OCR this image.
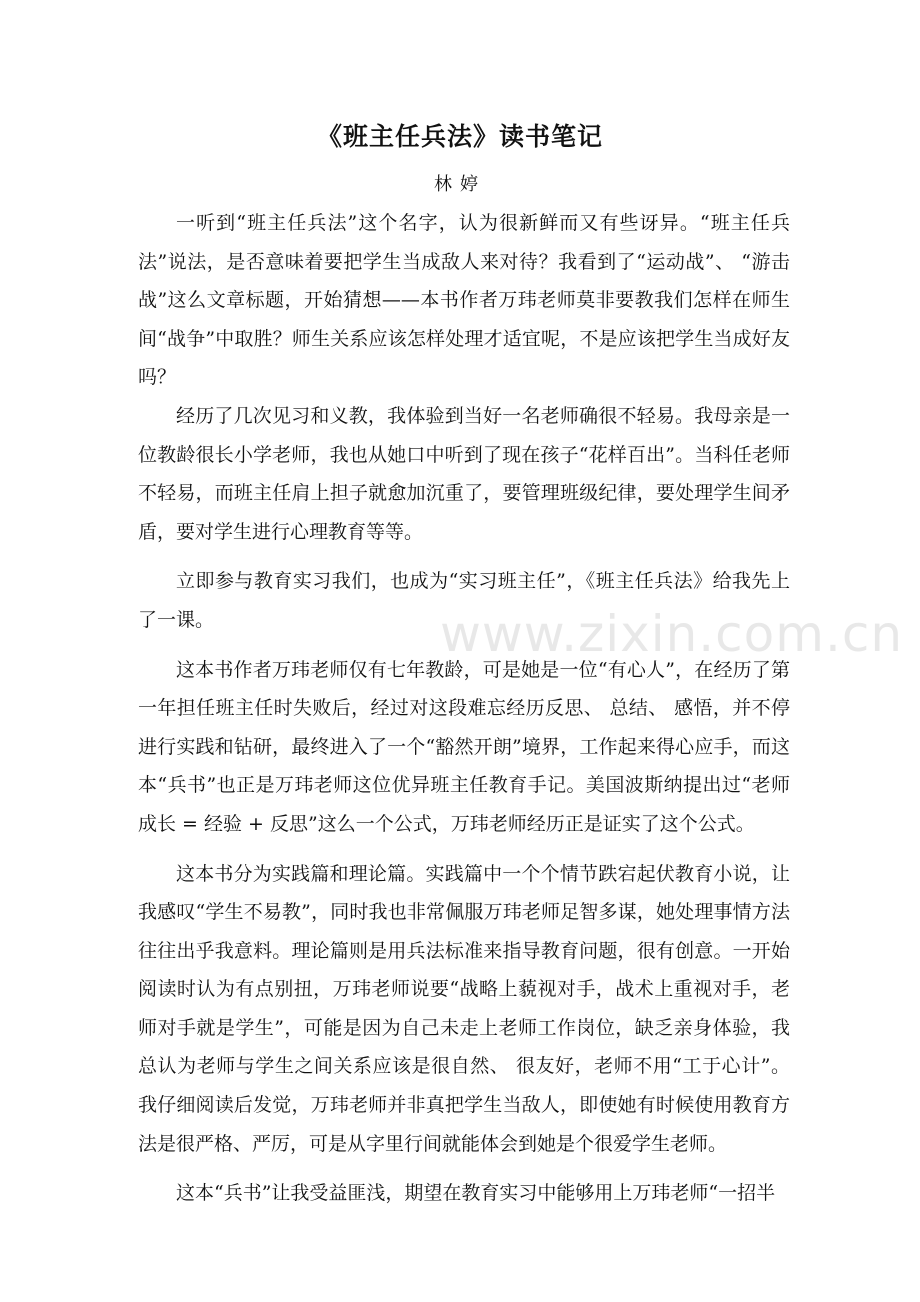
《班主任兵法》读书笔记
林婷

一听到“班主任兵法”这个名字，认为很新鲜而又有些讶异。“班主任兵法”说法，是否意味着要把学生当成敌人来对待？我看到了“运动战”、 “游击战”这么文章标题，开始猜想——本书作者万玮老师莫非要教我们怎样在师生间“战争”中取胜？师生关系应该怎样处理才适宜呢，不是应该把学生当成好友吗？

经历了几次见习和义教，我体验到当好一名老师确很不轻易。我母亲是一位教龄很长小学老师，我也从她口中听到了现在孩子“花样百出”。当科任老师不轻易，而班主任肩上担子就愈加沉重了，要管理班级纪律，要处理学生间矛盾，要对学生进行心理教育等等。

立即参与教育实习我们，也成为“实习班主任”，《班主任兵法》给我先上了一课。

这本书作者万玮老师仅有七年教龄，可是她是一位“有心人”，在经历了第一年担任班主任时失败后，经过对这段难忘经历反思、 总结、 感悟，并不停进行实践和钻研，最终进入了一个“豁然开朗”境界，工作起来得心应手，而这本“兵书”也正是万玮老师这位优异班主任教育手记。美国波斯纳提出过“老师成长 = 经验 + 反思”这么一个公式，万玮老师经历正是证实了这个公式。

这本书分为实践篇和理论篇。实践篇中一个个情节跌宕起伏教育小说，让我感叹“学生不易教”，同时我也非常佩服万玮老师足智多谋，她处理事情方法往往出乎我意料。理论篇则是用兵法标准来指导教育问题，很有创意。一开始阅读时认为有点别扭，万玮老师说要“战略上藐视对手，战术上重视对手，老师对手就是学生”，可能是因为自己未走上老师工作岗位，缺乏亲身体验，我总认为老师与学生之间关系应该是很自然、 很友好，老师不用“工于心计”。我仔细阅读后发觉，万玮老师并非真把学生当敌人，即使她有时候使用教育方法是很严格、严厉，可是从字里行间就能体会到她是个很爱学生老师。

这本“兵书”让我受益匪浅，期望在教育实习中能够用上万玮老师“一招半

www.zixin.com.cn
